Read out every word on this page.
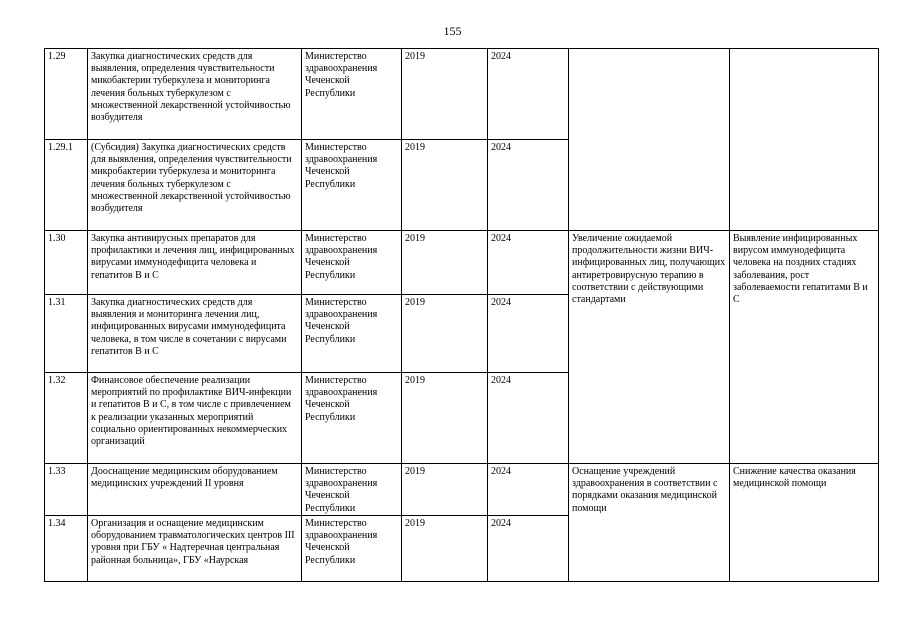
155
1.29	Закупка диагностических средств для выявления, определения чувствительности микобактерии туберкулеза и мониторинга лечения больных туберкулезом с множественной лекарственной устойчивостью возбудителя	Министерство здравоохранения Чеченской Республики	2019	2024		
1.29.1	(Субсидия) Закупка диагностических средств для выявления, определения чувствительности микробактерии туберкулеза и мониторинга лечения больных туберкулезом с множественной лекарственной устойчивостью возбудителя	Министерство здравоохранения Чеченской Республики	2019	2024		
1.30	Закупка антивирусных препаратов для профилактики и лечения лиц, инфицированных вирусами иммунодефицита человека и гепатитов В и С	Министерство здравоохранения Чеченской Республики	2019	2024	Увеличение ожидаемой продолжительности жизни ВИЧ-инфицированных лиц, получающих антиретровирусную терапию в соответствии с действующими стандартами	Выявление инфицированных вирусом иммунодефицита человека на поздних стадиях заболевания, рост заболеваемости гепатитами В и С
1.31	Закупка диагностических средств для выявления и мониторинга лечения лиц, инфицированных вирусами иммунодефицита человека, в том числе в сочетании с вирусами гепатитов В и С	Министерство здравоохранения Чеченской Республики	2019	2024		
1.32	Финансовое обеспечение реализации мероприятий по профилактике ВИЧ-инфекции и гепатитов В и С, в том числе с привлечением к реализации указанных мероприятий социально ориентированных некоммерческих организаций	Министерство здравоохранения Чеченской Республики	2019	2024		
1.33	Дооснащение медицинским оборудованием медицинских учреждений II уровня	Министерство здравоохранения Чеченской Республики	2019	2024	Оснащение учреждений здравоохранения в соответствии с порядками оказания медицинской помощи	Снижение качества оказания медицинской помощи
1.34	Организация и оснащение медицинским оборудованием травматологических центров III уровня при ГБУ « Надтеречная центральная районная больница», ГБУ «Наурская	Министерство здравоохранения Чеченской Республики	2019	2024		
